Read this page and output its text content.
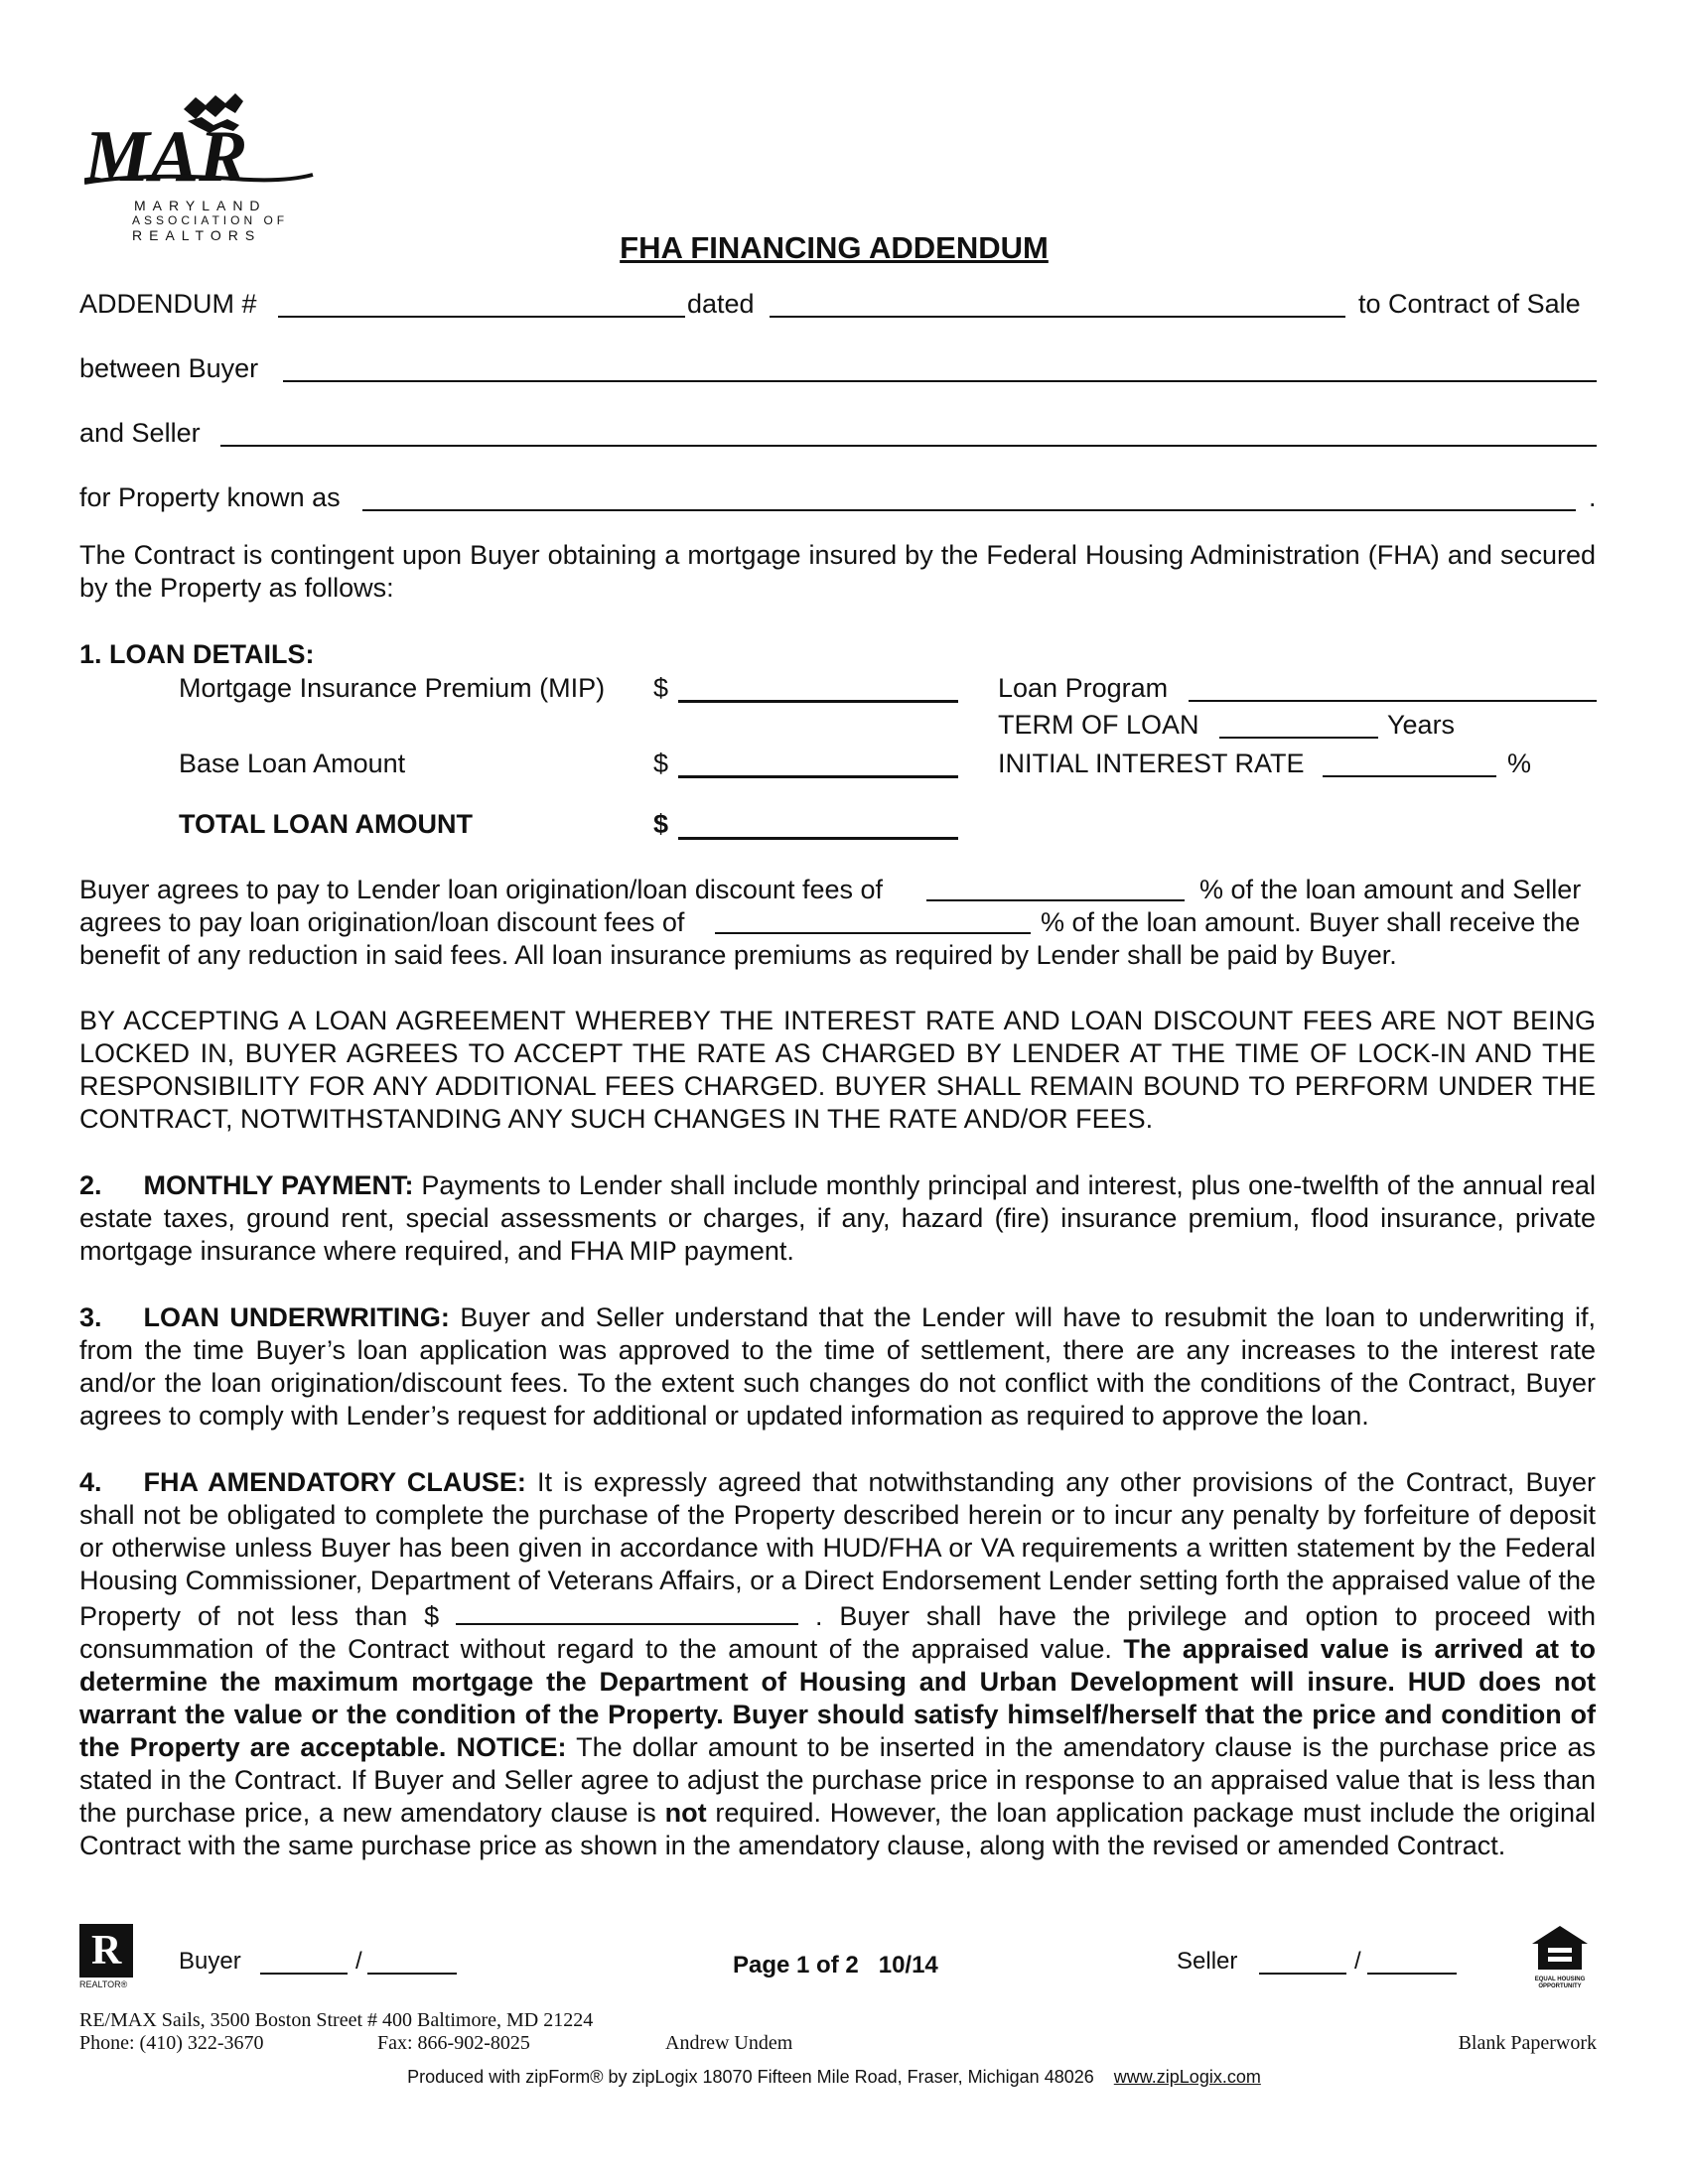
MAR
MARYLAND
ASSOCIATION OF
REALTORS	FHA FINANCING ADDENDUM
ADDENDUM #	dated	to Contract of Sale
between Buyer
and Seller
for Property known as	.
The Contract is contingent upon Buyer obtaining a mortgage insured by the Federal Housing Administration (FHA) and secured by the Property as follows:
1. LOAN DETAILS:
Mortgage Insurance Premium (MIP) $	Loan Program
TERM OF LOAN	Years
Base Loan Amount	$	INITIAL INTEREST RATE	%
TOTAL LOAN AMOUNT	$
Buyer agrees to pay to Lender loan origination/loan discount fees of	% of the loan amount and Seller
agrees to pay loan origination/loan discount fees of	% of the loan amount. Buyer shall receive the
benefit of any reduction in said fees. All loan insurance premiums as required by Lender shall be paid by Buyer.
BY ACCEPTING A LOAN AGREEMENT WHEREBY THE INTEREST RATE AND LOAN DISCOUNT FEES ARE NOT BEING LOCKED IN, BUYER AGREES TO ACCEPT THE RATE AS CHARGED BY LENDER AT THE TIME OF LOCK-IN AND THE RESPONSIBILITY FOR ANY ADDITIONAL FEES CHARGED. BUYER SHALL REMAIN BOUND TO PERFORM UNDER THE CONTRACT, NOTWITHSTANDING ANY SUCH CHANGES IN THE RATE AND/OR FEES.
2. MONTHLY PAYMENT: Payments to Lender shall include monthly principal and interest, plus one-twelfth of the annual real estate taxes, ground rent, special assessments or charges, if any, hazard (fire) insurance premium, flood insurance, private mortgage insurance where required, and FHA MIP payment.
3. LOAN UNDERWRITING: Buyer and Seller understand that the Lender will have to resubmit the loan to underwriting if, from the time Buyer’s loan application was approved to the time of settlement, there are any increases to the interest rate and/or the loan origination/discount fees. To the extent such changes do not conflict with the conditions of the Contract, Buyer agrees to comply with Lender’s request for additional or updated information as required to approve the loan.
4. FHA AMENDATORY CLAUSE: It is expressly agreed that notwithstanding any other provisions of the Contract, Buyer shall not be obligated to complete the purchase of the Property described herein or to incur any penalty by forfeiture of deposit or otherwise unless Buyer has been given in accordance with HUD/FHA or VA requirements a written statement by the Federal Housing Commissioner, Department of Veterans Affairs, or a Direct Endorsement Lender setting forth the appraised value of the Property of not less than $	. Buyer shall have the privilege and option to proceed with consummation of the Contract without regard to the amount of the appraised value. The appraised value is arrived at to determine the maximum mortgage the Department of Housing and Urban Development will insure. HUD does not warrant the value or the condition of the Property. Buyer should satisfy himself/herself that the price and condition of the Property are acceptable. NOTICE: The dollar amount to be inserted in the amendatory clause is the purchase price as stated in the Contract. If Buyer and Seller agree to adjust the purchase price in response to an appraised value that is less than the purchase price, a new amendatory clause is not required. However, the loan application package must include the original Contract with the same purchase price as shown in the amendatory clause, along with the revised or amended Contract.
R
REALTOR®
Buyer	/	Page 1 of 2   10/14	Seller	/
EQUAL HOUSING OPPORTUNITY
RE/MAX Sails, 3500 Boston Street # 400 Baltimore, MD 21224
Phone: (410) 322-3670	Fax: 866-902-8025	Andrew Undem	Blank Paperwork
Produced with zipForm® by zipLogix 18070 Fifteen Mile Road, Fraser, Michigan 48026 www.zipLogix.com
